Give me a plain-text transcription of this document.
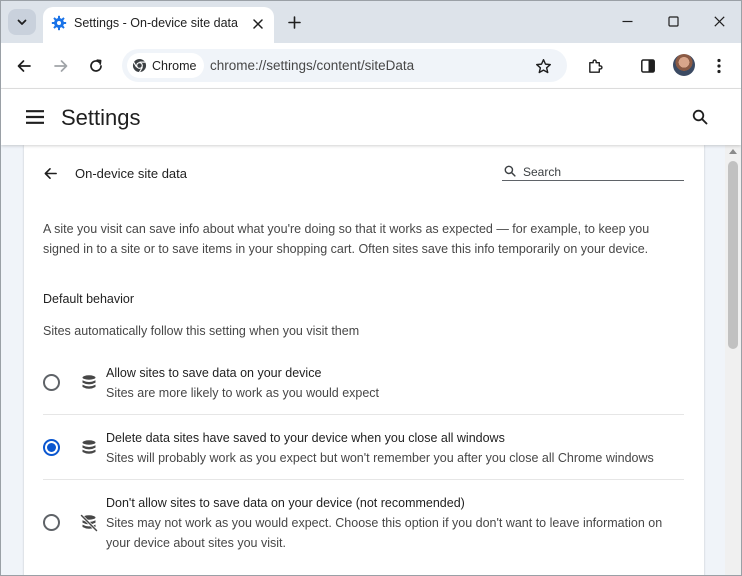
Settings - On-device site data
Chrome chrome://settings/content/siteData
Settings
On-device site data
Search

A site you visit can save info about what you're doing so that it works as expected — for example, to keep you signed in to a site or to save items in your shopping cart. Often sites save this info temporarily on your device.

Default behavior
Sites automatically follow this setting when you visit them
Allow sites to save data on your device
Sites are more likely to work as you would expect
Delete data sites have saved to your device when you close all windows
Sites will probably work as you expect but won't remember you after you close all Chrome windows
Don't allow sites to save data on your device (not recommended)
Sites may not work as you would expect. Choose this option if you don't want to leave information on your device about sites you visit.
